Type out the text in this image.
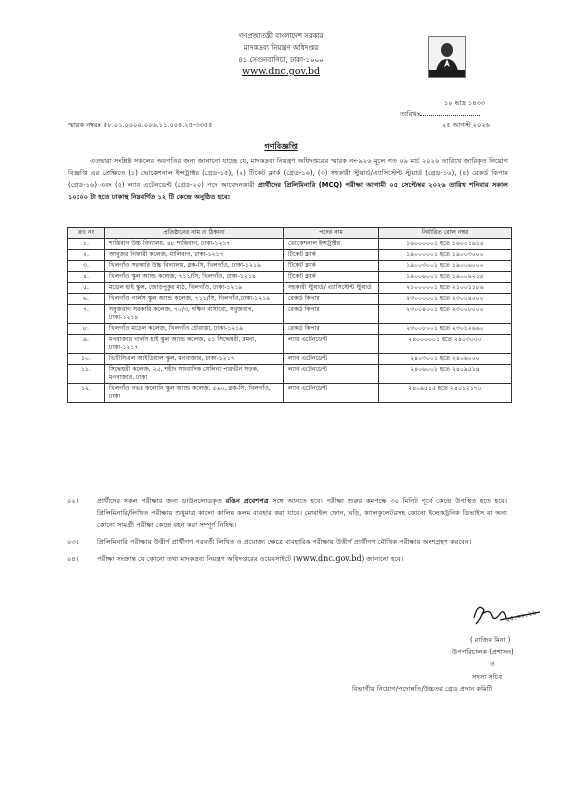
গণপ্রজাতন্ত্রী বাংলাদেশ সরকার
মাদকদ্রব্য নিয়ন্ত্রণ অধিদপ্তর
৪১ সেগুনবাগিচা, ঢাকা-১০০০
www.dnc.gov.bd
১০ ভাদ্র ১৪৩৩
তারিখঃ
২৫ আগস্ট ২০২৬
স্মারক নম্বরঃ ৫৮.০১.০০০০.০০৬.১১.০০৪.২৫-৩৩৫৫
গণবিজ্ঞপ্তি
এতদ্বারা সংশ্লিষ্ট সকলের অবগতির জন্য জানানো যাচ্ছে যে, মাদকদ্রব্য নিয়ন্ত্রণ অধিদপ্তরের স্মারক নং-৯২৬ মূলে গত ০৯ মার্চ ২০২৬ তারিখে জারিকৃত নিয়োগ বিজ্ঞপ্তি এর প্রেক্ষিতে (১) ভোকেশনাল ইন্সট্রাক্টর (গ্রেড-১৫), (২) টিকেট ক্লার্ক (গ্রেড-১৬), (৩) সহকারী স্টুয়ার্ড/এ্যাসিস্টেন্ট স্টুয়ার্ড (গ্রেড-১৬), (৪) রেকর্ড কিপার (গ্রেড-১৬) এবং (৫) ল্যাব এটেনডেন্ট (গ্রেড-২০) পদে আবেদনকারী প্রার্থীদের প্রিলিমিনারি (MCQ) পরীক্ষা আগামী ০৫ সেপ্টেম্বর ২০২৬ তারিখ শনিবার সকাল ১০:০০ টা হতে ঢাকাস্থ নিম্নবর্ণিত ১২ টি কেন্দ্রে অনুষ্ঠিত হবে:
ক্রঃ নং	প্রতিষ্ঠানের নাম ও ঠিকানা	পদের নাম	নির্ধারিত রোল নম্বর
১.	শান্তিবাগ উচ্চ বিদ্যালয়, ৪৮ শান্তিবাগ, ঢাকা-১২১৭	ভোকেশনাল ইন্সট্রাক্টর	১৬০০০০০১ হতে ১৬০০১৬১৫
২.	আবুজর গিফারী কলেজ, মালিবাগ, ঢাকা-১২১৭	টিকেট ক্লার্ক	১৯০০০০০১ হতে ১৯০০৩০০০
৩.	খিলগাঁও সরকারি উচ্চ বিদ্যালয়, ব্লক-সি, খিলগাঁও, ঢাকা-১২১৯	টিকেট ক্লার্ক	১৯০০৩০০১ হতে ১৯০০৬০০০
৪.	খিলগাঁও স্কুল অ্যান্ড কলেজ, ৭১১/সি, খিলগাঁও, ঢাকা-১২১৯	টিকেট ক্লার্ক	১৯০০৬০০১ হতে ১৯০০৯২১৫
৫.	মডেল হাই স্কুল, জোড়পুকুর মাঠ, খিলগাঁও, ঢাকা-১২১৯	সহকারী স্টুয়ার্ড/ এ্যাসিস্টেন্ট স্টুয়ার্ড	২১০০০০০১ হতে ২১০০১১৮৬
৬.	খিলগাঁও গার্লস স্কুল অ্যান্ড কলেজ, ৭১১/সি, খিলগাঁও,ঢাকা-১২১৯	রেকর্ড কিপার	২৩০০০০০১ হতে ২৩০০৪০০০
৭.	সবুজবাগ সরকারি কলেজ, ৭০/৩, দক্ষিণ বাসাবো, সবুজবাগ, ঢাকা-১২১৪	রেকর্ড কিপার	২৩০০৪০০১ হতে ২৩০০৮০০০
৮.	খিলগাঁও মডেল কলেজ, খিলগাঁও চৌরাস্তা, ঢাকা-১২১৯	রেকর্ড কিপার	২৩০০৮০০১ হতে ২৩০১২৬৬০
৯.	মগবাজার গার্লস হাই স্কুল অ্যান্ড কলেজ, ৫১ সিদ্ধেশ্বরী, রমনা, ঢাকা-১২১৭	ল্যাব এটেনডেন্ট	২৪০০০০০১ হতে ২৪০৩০০০
১০.	ভিটিসিএল আইডিয়াল স্কুল, মগবাজার, ঢাকা-১২১৭	ল্যাব এটেনডেন্ট	২৪০৩০০১ হতে ২৪০৬০০০
১১.	সিদ্ধেশ্বরী কলেজ, ২৫, শহীদ সাংবাদিক সেলিনা পারভীন সড়ক, মগবাজার, ঢাকা	ল্যাব এটেনডেন্ট	২৪০৬০০১ হতে ২৪০৯৫১৪
১২.	খিলগাঁও গভঃ কলোনি স্কুল অ্যান্ড কলেজ, ৫৬০, ব্লক-সি, খিলগাঁও, ঢাকা	ল্যাব এটেনডেন্ট	২৪০৯৫১৫ হতে ২৪০১২১৭০
০২।	প্রার্থীদের সকল পরীক্ষার জন্য ডাউনলোডকৃত রঙিন প্রবেশপত্র সঙ্গে আনতে হবে। পরীক্ষা শুরুর কমপক্ষে ৩০ মিনিট পূর্বে কেন্দ্রে উপস্থিত হতে হবে। প্রিলিমিনারি/লিখিত পরীক্ষায় শুধুমাত্র কালো কালির কলম ব্যবহার করা যাবে। মোবাইল ফোন, ঘড়ি, ক্যালকুলেটরসহ কোনো ইলেকট্রনিক ডিভাইস বা অন্য কোনো সামগ্রী পরীক্ষা কেন্দ্রে বহন করা সম্পূর্ণ নিষিদ্ধ।
০৩।	প্রিলিমিনারি পরীক্ষায় উত্তীর্ণ প্রার্থীগণ পরবর্তী লিখিত ও প্রযোজ্য ক্ষেত্রে ব্যবহারিক পরীক্ষায় উত্তীর্ণ প্রার্থীগণ মৌখিক পরীক্ষায় অংশগ্রহণ করবেন।
০৪।	পরীক্ষা সংক্রান্ত যে কোনো তথ্য মাদকদ্রব্য নিয়ন্ত্রণ অধিদপ্তরের ওয়েবসাইটে (www.dnc.gov.bd) জানানো হবে।
২৫.০৮.২৬
( রাজিব মিনা )
উপপরিচালক (প্রশাসন)
ও
সদস্য সচিব
বিভাগীয় নিয়োগ/পদোন্নতি/উচ্চতর গ্রেড প্রদান কমিটি
